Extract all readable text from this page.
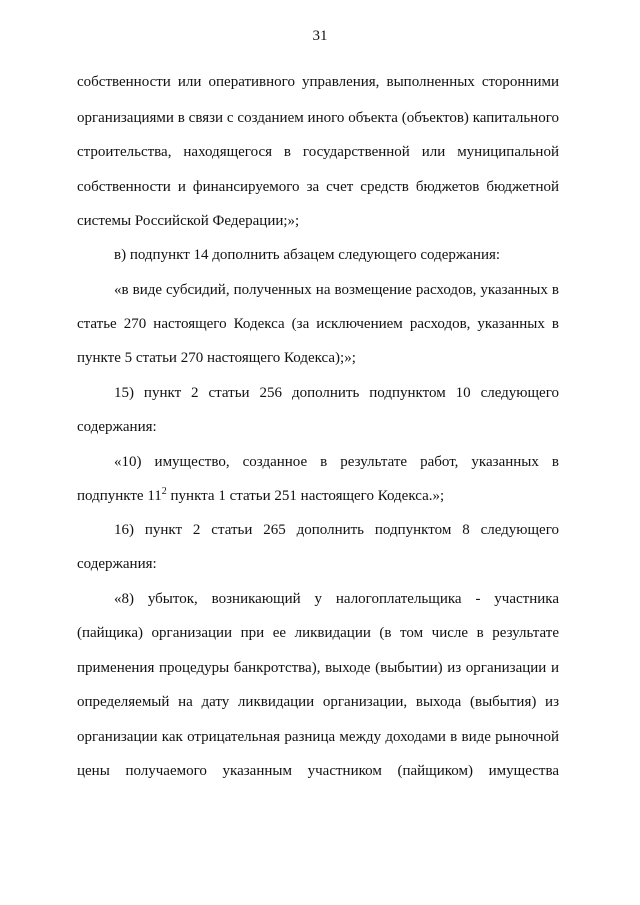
31
собственности или оперативного управления, выполненных сторонними
организациями в связи с созданием иного объекта (объектов) капитального
строительства, находящегося в государственной или муниципальной
собственности и финансируемого за счет средств бюджетов бюджетной
системы Российской Федерации;»;
в) подпункт 14 дополнить абзацем следующего содержания:
«в виде субсидий, полученных на возмещение расходов, указанных в
статье 270 настоящего Кодекса (за исключением расходов, указанных в
пункте 5 статьи 270 настоящего Кодекса);»;
15) пункт 2 статьи 256 дополнить подпунктом 10 следующего
содержания:
«10) имущество, созданное в результате работ, указанных в
подпункте $11^2$ пункта 1 статьи 251 настоящего Кодекса.»;
16) пункт 2 статьи 265 дополнить подпунктом 8 следующего
содержания:
«8) убыток, возникающий у налогоплательщика - участника
(пайщика) организации при ее ликвидации (в том числе в результате
применения процедуры банкротства), выходе (выбытии) из организации и
определяемый на дату ликвидации организации, выхода (выбытия) из
организации как отрицательная разница между доходами в виде рыночной
цены получаемого указанным участником (пайщиком) имущества
